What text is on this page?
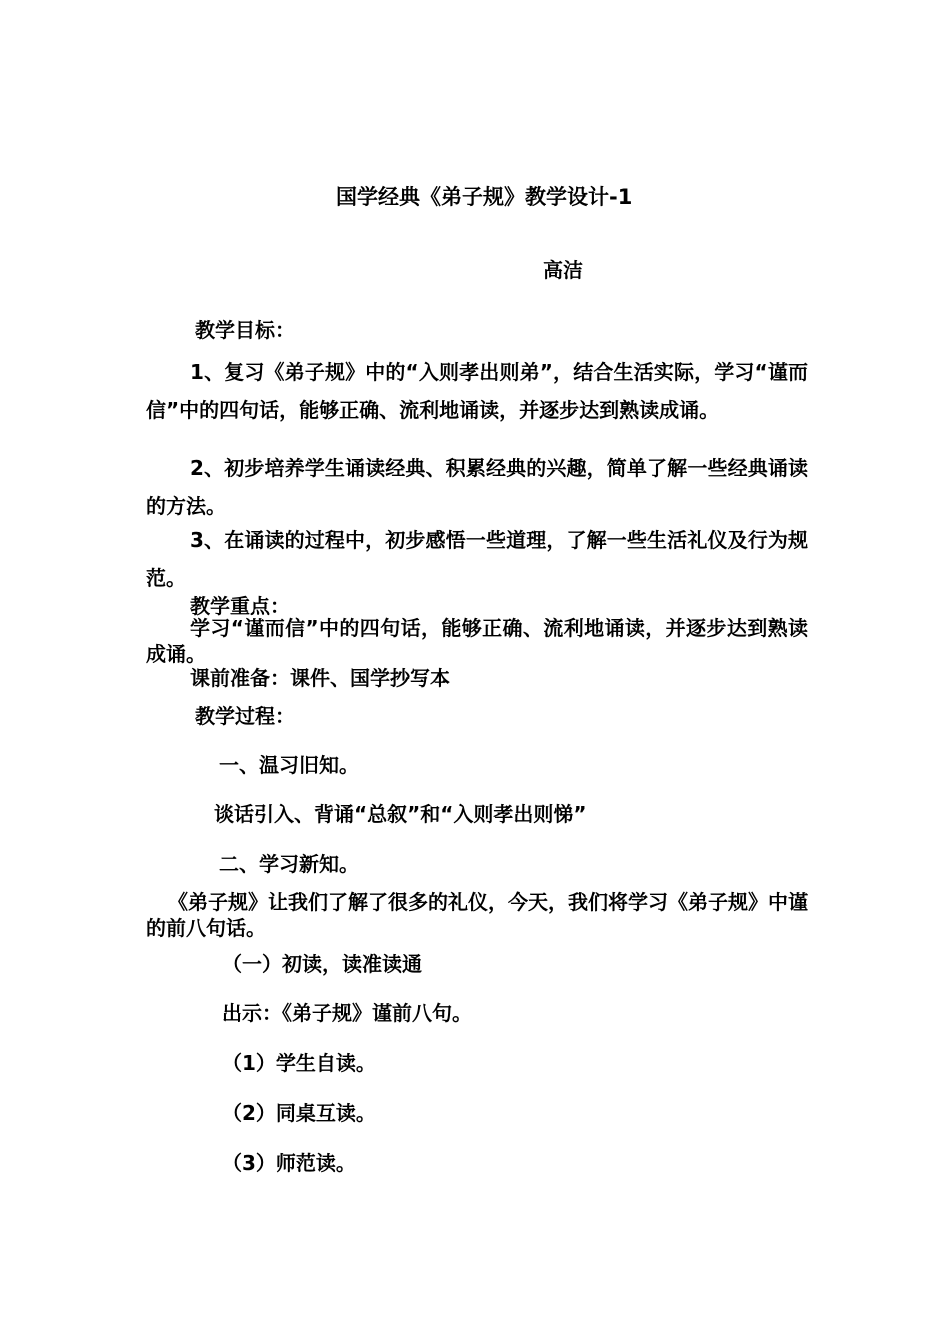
国学经典《弟子规》教学设计-1
高洁
教学目标：
1、复习《弟子规》中的“入则孝出则弟”，结合生活实际，学习“谨而信”中的四句话，能够正确、流利地诵读，并逐步达到熟读成诵。
2、初步培养学生诵读经典、积累经典的兴趣，简单了解一些经典诵读的方法。
3、在诵读的过程中，初步感悟一些道理，了解一些生活礼仪及行为规范。
教学重点：
学习“谨而信”中的四句话，能够正确、流利地诵读，并逐步达到熟读成诵。
课前准备：课件、国学抄写本
教学过程：
一、温习旧知。
谈话引入、背诵“总叙”和“入则孝出则悌”
二、学习新知。
《弟子规》让我们了解了很多的礼仪，今天，我们将学习《弟子规》中谨的前八句话。
（一）初读，读准读通
出示：《弟子规》谨前八句。
（1）学生自读。
（2）同桌互读。
（3）师范读。
